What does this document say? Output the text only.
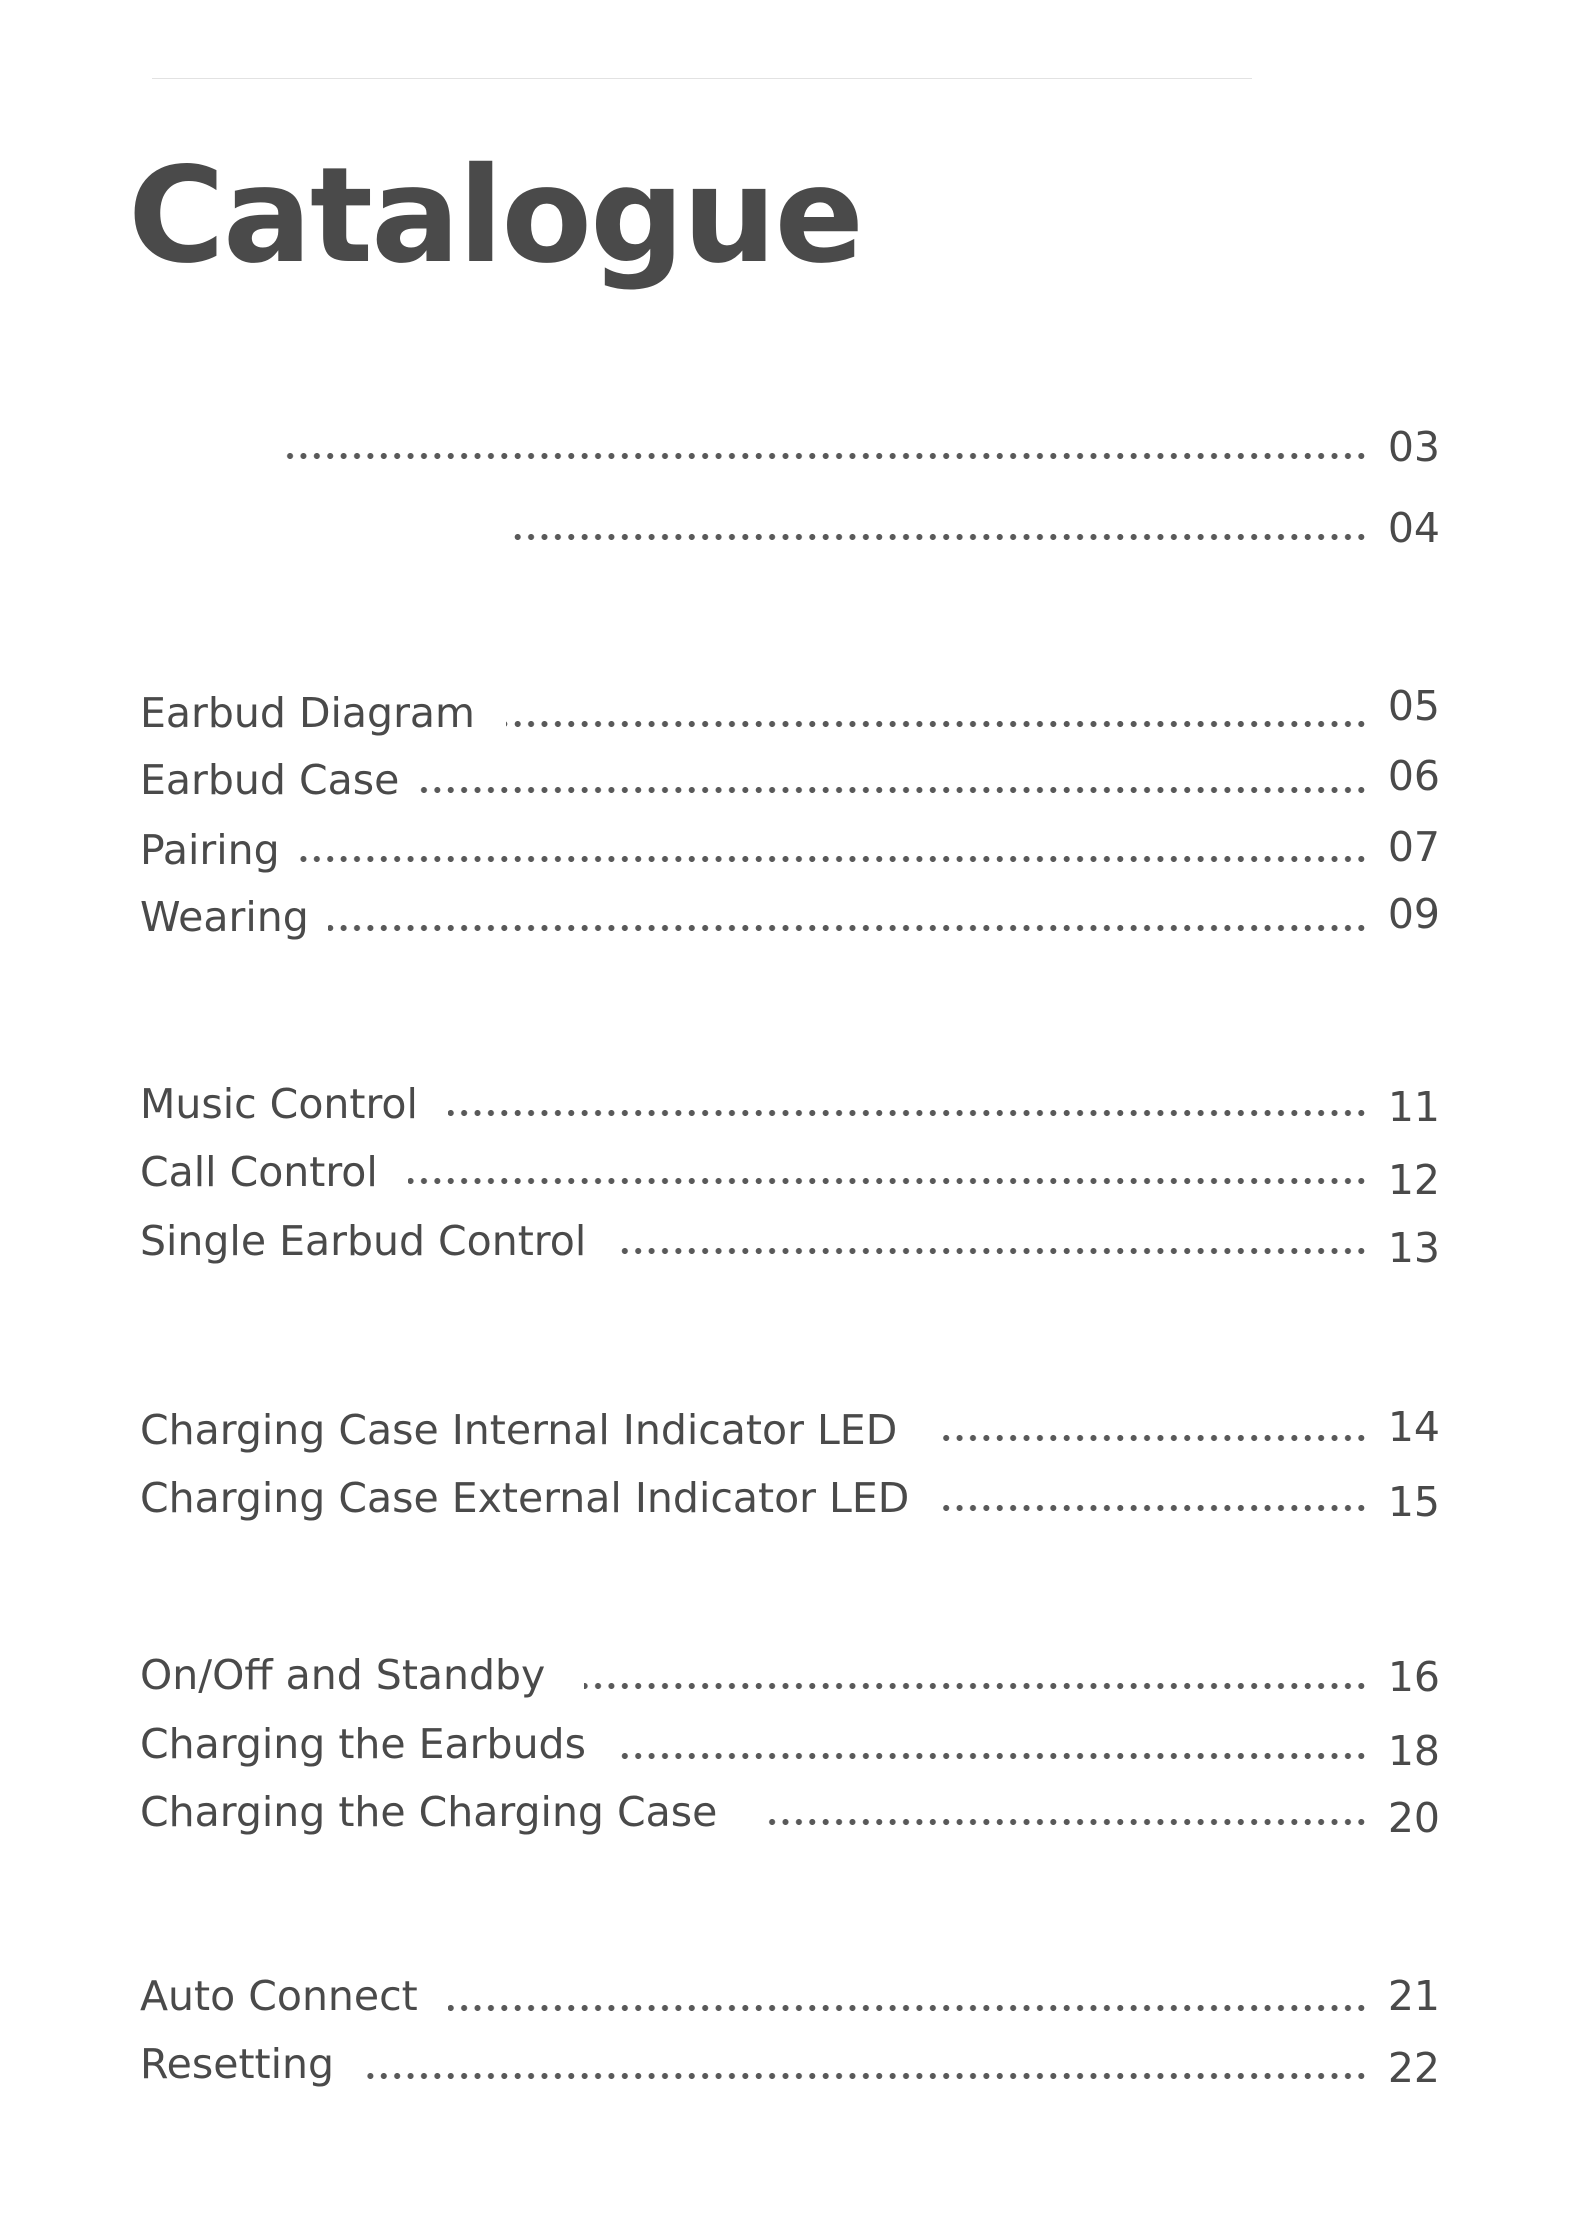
Catalogue
03
04
Earbud Diagram	05
Earbud Case	06
Pairing	07
Wearing	09
Music Control	11
Call Control	12
Single Earbud Control	13
Charging Case Internal Indicator LED	14
Charging Case External Indicator LED	15
On/Off and Standby	16
Charging the Earbuds	18
Charging the Charging Case	20
Auto Connect	21
Resetting	22
